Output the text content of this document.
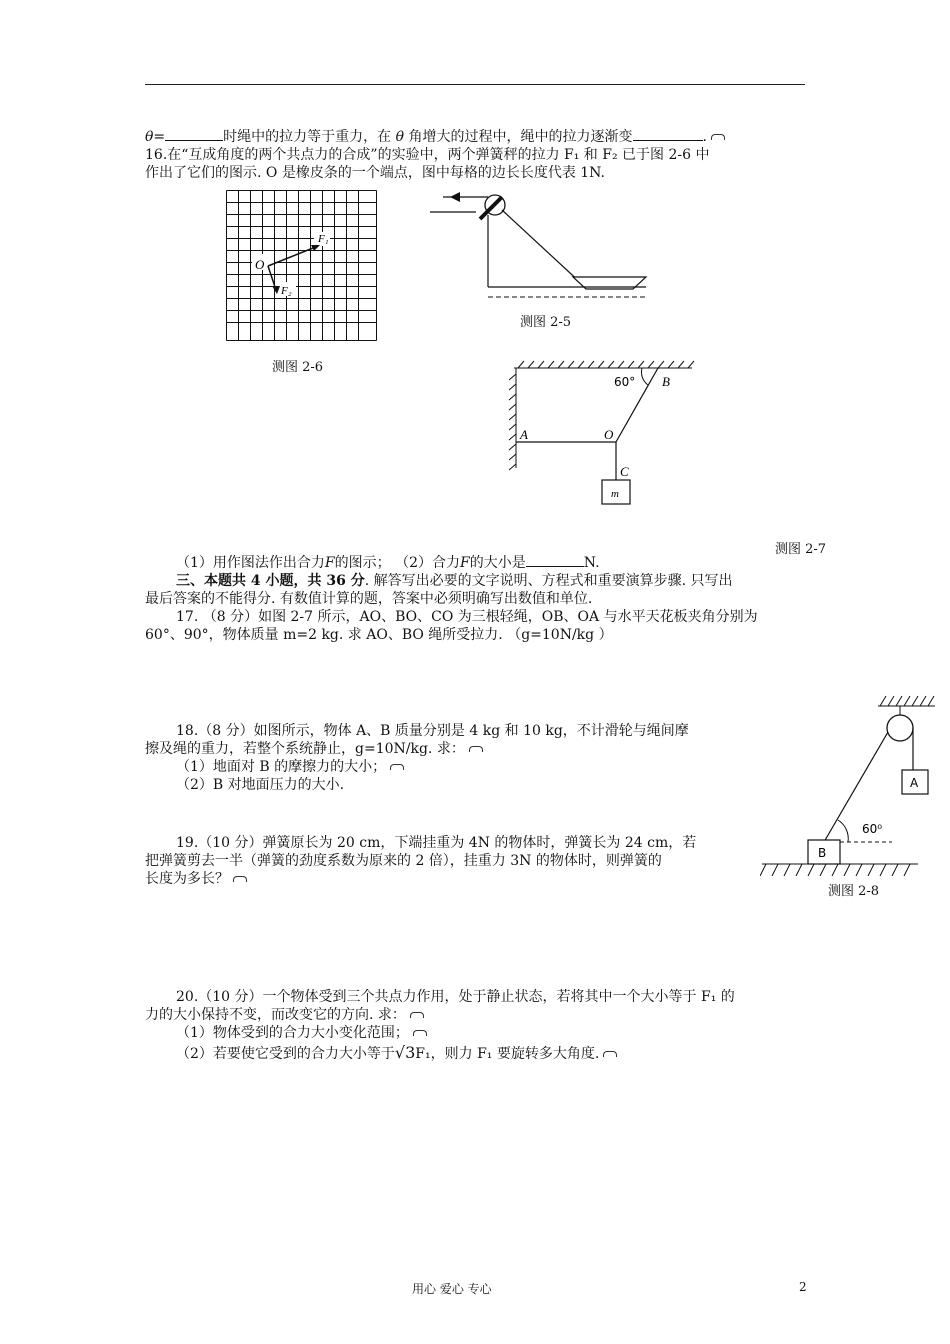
θ=	时绳中的拉力等于重力，在 θ 角增大的过程中，绳中的拉力逐渐变	.
16.在“互成角度的两个共点力的合成”的实验中，两个弹簧秤的拉力 F₁ 和 F₂ 已于图 2-6 中
作出了它们的图示. O 是橡皮条的一个端点，图中每格的边长长度代表 1N.
O
F₁
F₂
测图 2-6
测图 2-5
60° B
A	O
C
m
测图 2-7
（1）用作图法作出合力F的图示； （2）合力F的大小是	N.
三、本题共 4 小题，共 36 分. 解答写出必要的文字说明、方程式和重要演算步骤. 只写出
最后答案的不能得分. 有数值计算的题，答案中必须明确写出数值和单位.
17. （8 分）如图 2-7 所示，AO、BO、CO 为三根轻绳，OB、OA 与水平天花板夹角分别为
60°、90°，物体质量 m=2 kg. 求 AO、BO 绳所受拉力. （g=10N/kg ）
18.（8 分）如图所示，物体 A、B 质量分别是 4 kg 和 10 kg，不计滑轮与绳间摩
擦及绳的重力，若整个系统静止，g=10N/kg. 求：
（1）地面对 B 的摩擦力的大小；
（2）B 对地面压力的大小.	A
B
60⁰
测图 2-8
19.（10 分）弹簧原长为 20 cm，下端挂重为 4N 的物体时，弹簧长为 24 cm，若
把弹簧剪去一半（弹簧的劲度系数为原来的 2 倍），挂重力 3N 的物体时，则弹簧的
长度为多长？
20.（10 分）一个物体受到三个共点力作用，处于静止状态，若将其中一个大小等于 F₁ 的
力的大小保持不变，而改变它的方向. 求：
（1）物体受到的合力大小变化范围；
（2）若要使它受到的合力大小等于√3F₁，则力 F₁ 要旋转多大角度.
用心 爱心 专心	2
